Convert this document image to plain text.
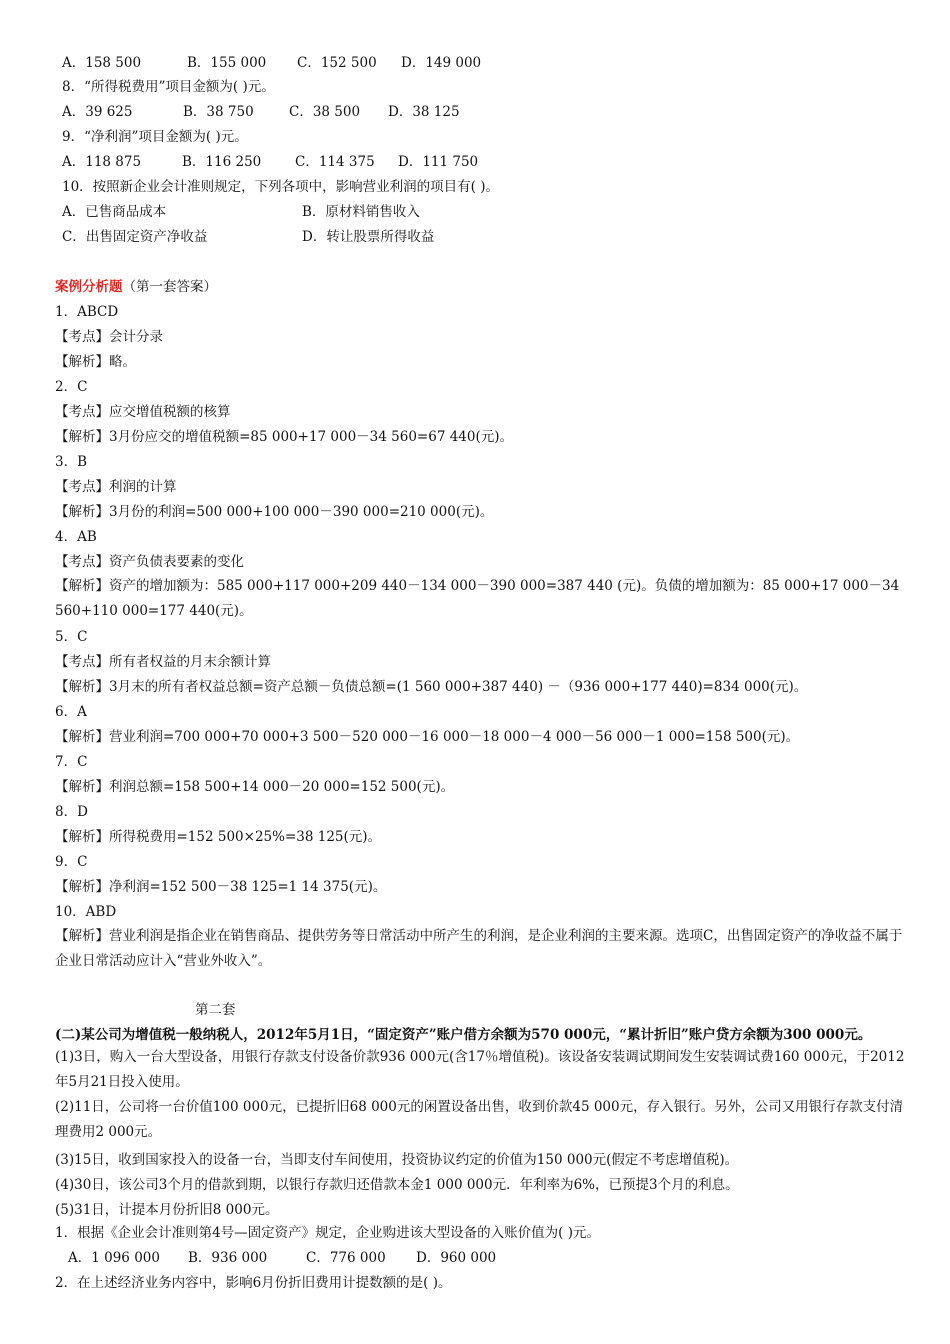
A．158 500	B．155 000 C．152 500 D．149 000
8．“所得税费用”项目金额为( )元。
A．39 625	B．38 750	C．38 500 D．38 125
9．“净利润”项目金额为( )元。
A．118 875	B．116 250	C．114 375 D．111 750
10．按照新企业会计准则规定，下列各项中，影响营业利润的项目有( )。
A．已售商品成本	B．原材料销售收入
C．出售固定资产净收益	D．转让股票所得收益
案例分析题（第一套答案）
1．ABCD
【考点】会计分录
【解析】略。
2．C
【考点】应交增值税额的核算
【解析】3月份应交的增值税额=85 000+17 000－34 560=67 440(元)。
3．B
【考点】利润的计算
【解析】3月份的利润=500 000+100 000－390 000=210 000(元)。
4．AB
【考点】资产负债表要素的变化
【解析】资产的增加额为：585 000+117 000+209 440－134 000－390 000=387 440 (元)。负债的增加额为：85 000+17 000－34 560+110 000=177 440(元)。
5．C
【考点】所有者权益的月末余额计算
【解析】3月末的所有者权益总额=资产总额－负债总额=(1 560 000+387 440) －（936 000+177 440)=834 000(元)。
6．A
【解析】营业利润=700 000+70 000+3 500－520 000－16 000－18 000－4 000－56 000－1 000=158 500(元)。
7．C
【解析】利润总额=158 500+14 000－20 000=152 500(元)。
8．D
【解析】所得税费用=152 500×25%=38 125(元)。
9．C
【解析】净利润=152 500－38 125=1 14 375(元)。
10．ABD
【解析】营业利润是指企业在销售商品、提供劳务等日常活动中所产生的利润，是企业利润的主要来源。选项C，出售固定资产的净收益不属于企业日常活动应计入“营业外收入”。
第二套
(二)某公司为增值税一般纳税人，2012年5月1日，“固定资产”账户借方余额为570 000元，“累计折旧”账户贷方余额为300 000元。
(1)3日，购入一台大型设备，用银行存款支付设备价款936 000元(含17％增值税)。该设备安装调试期间发生安装调试费160 000元，于2012年5月21日投入使用。
(2)11日，公司将一台价值100 000元，已提折旧68 000元的闲置设备出售，收到价款45 000元，存入银行。另外，公司又用银行存款支付清理费用2 000元。
(3)15日，收到国家投入的设备一台，当即支付车间使用，投资协议约定的价值为150 000元(假定不考虑增值税)。
(4)30日，该公司3个月的借款到期，以银行存款归还借款本金1 000 000元．年利率为6%，已预提3个月的利息。
(5)31日，计提本月份折旧8 000元。
1．根据《企业会计准则第4号—固定资产》规定，企业购进该大型设备的入账价值为( )元。
A．1 096 000 B．936 000	C．776 000 D．960 000
2．在上述经济业务内容中，影响6月份折旧费用计提数额的是( )。
